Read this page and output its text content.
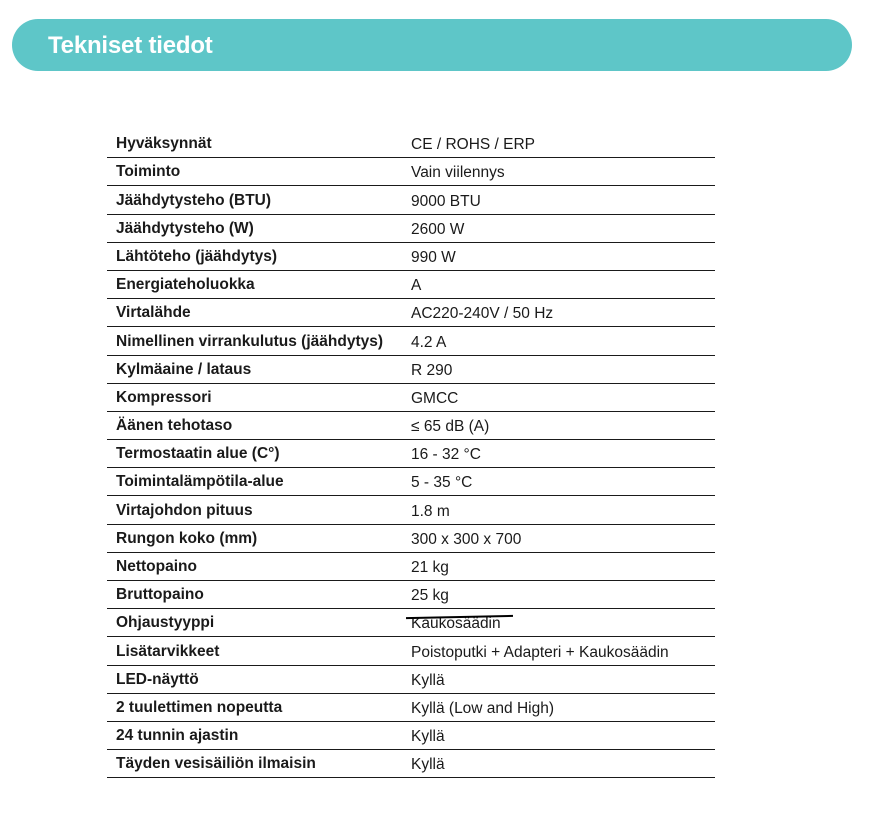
Tekniset tiedot
Hyväksynnät	CE / ROHS / ERP
Toiminto	Vain viilennys
Jäähdytysteho (BTU)	9000 BTU
Jäähdytysteho (W)	2600 W
Lähtöteho (jäähdytys)	990 W
Energiateholuokka	A
Virtalähde	AC220-240V / 50 Hz
Nimellinen virrankulutus (jäähdytys) 4.2 A
Kylmäaine / lataus	R 290
Kompressori	GMCC
Äänen tehotaso	≤ 65 dB (A)
Termostaatin alue (C°)	16 - 32 °C
Toimintalämpötila-alue	5 - 35 °C
Virtajohdon pituus	1.8 m
Rungon koko (mm)	300 x 300 x 700
Nettopaino	21 kg
Bruttopaino	25 kg
Ohjaustyyppi	Kaukosäädin
Lisätarvikkeet	Poistoputki + Adapteri + Kaukosäädin
LED-näyttö	Kyllä
2 tuulettimen nopeutta	Kyllä (Low and High)
24 tunnin ajastin	Kyllä
Täyden vesisäiliön ilmaisin	Kyllä
